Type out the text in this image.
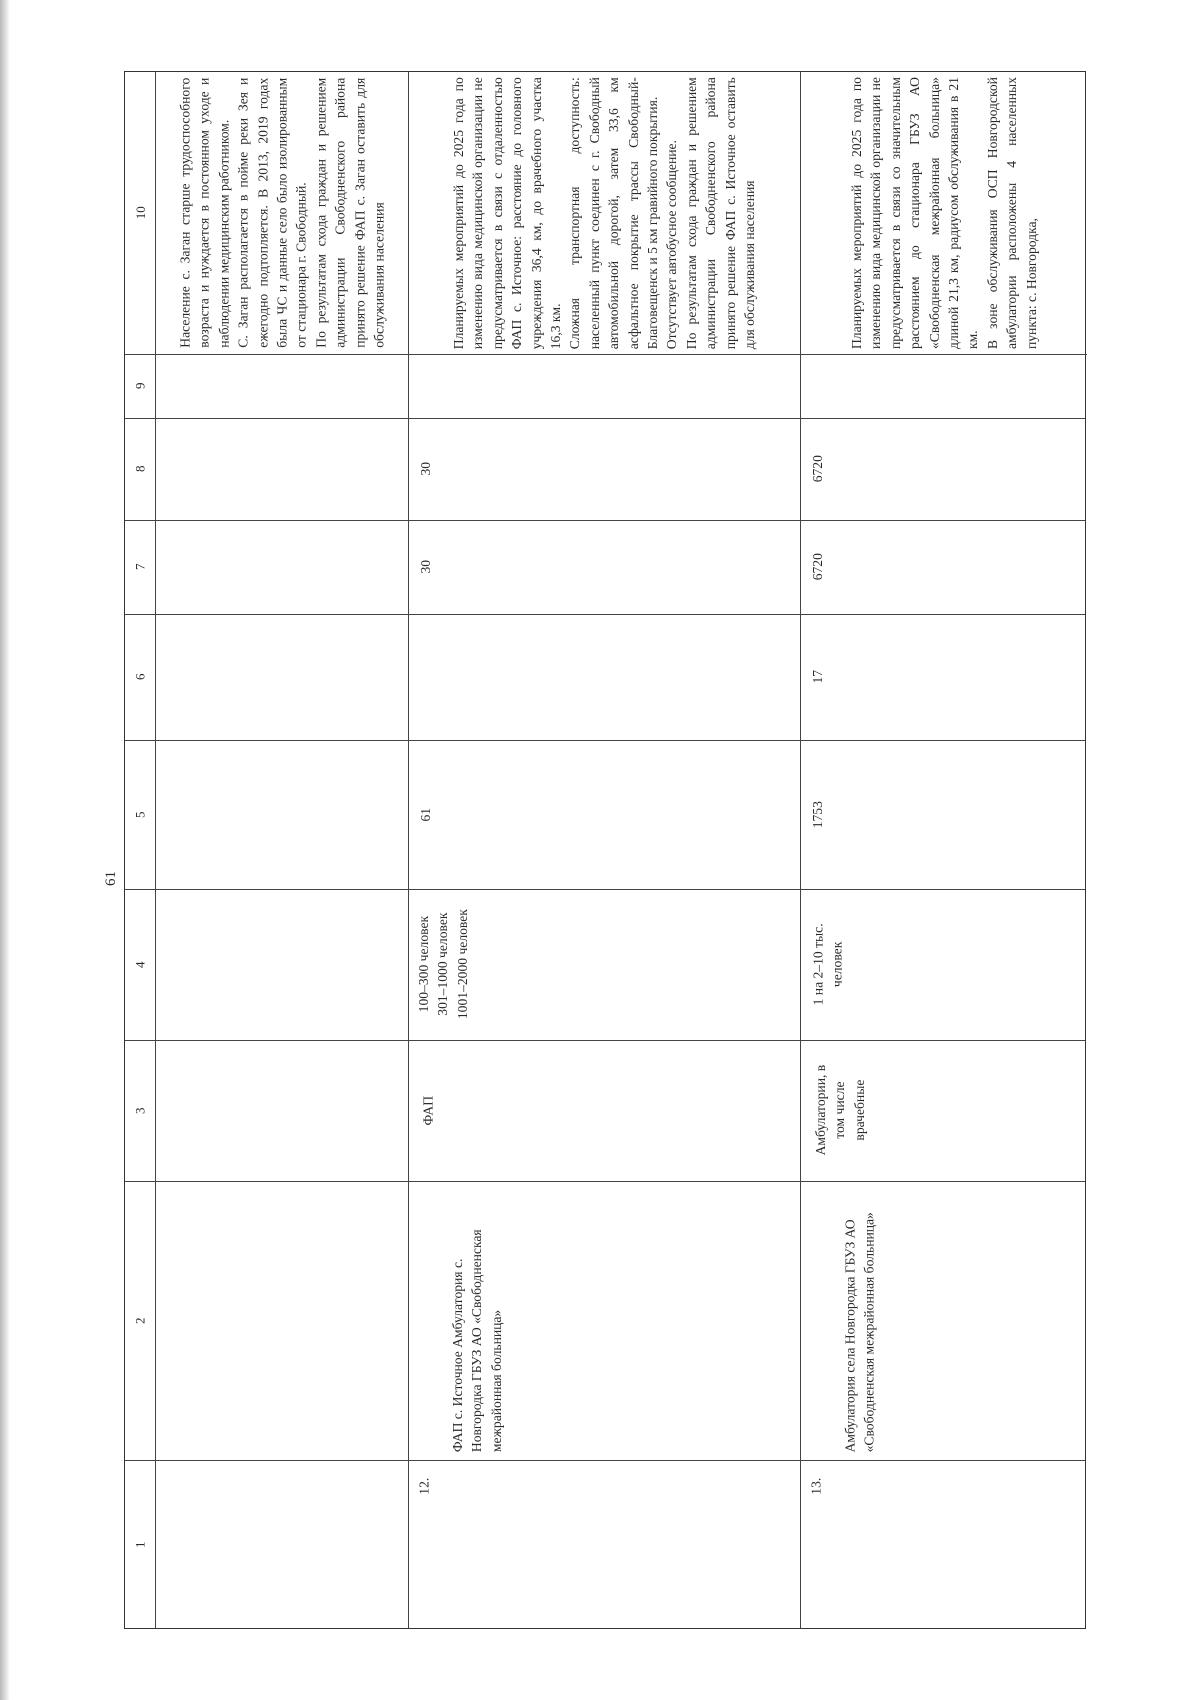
61
1
2
3
4
5
6
7
8
9
10 Население с. Заган старше трудоспособного возраста и нуждается в постоянном уходе и наблюдении медицинским работником. С. Заган располагается в пойме реки Зея и ежегодно подтопляется. В 2013, 2019 годах была ЧС и данные село было изолированным от стационара г. Свободный. По результатам схода граждан и решением администрации Свободненского района принято решение ФАП с. Заган оставить для обслуживания населения
12.
ФАП с. Источное Амбулатория с. Новгородка ГБУЗ АО «Свободненская межрайонная больница»
ФАП
100–300 человек 301–1000 человек 1001–2000 человек
61
30
30
Планируемых мероприятий до 2025 года по изменению вида медицинской организации не предусматривается в связи с отдаленностью ФАП с. Источное: расстояние до головного учреждения 36,4 км, до врачебного участка 16,3 км. Сложная транспортная доступность: населенный пункт соединен с г. Свободный автомобильной дорогой, затем 33,6 км асфальтное покрытие трассы Свободный-Благовещенск и 5 км гравийного покрытия. Отсутствует автобусное сообщение. По результатам схода граждан и решением администрации Свободненского района принято решение ФАП с. Источное оставить для обслуживания населения
13.
Амбулатория села Новгородка ГБУЗ АО «Свободненская межрайонная больница»
Амбулатории, в том числе врачебные
1 на 2–10 тыс. человек
1753
17
6720
6720
Планируемых мероприятий до 2025 года по изменению вида медицинской организации не предусматривается в связи со значительным расстоянием до стационара ГБУЗ АО «Свободненская межрайонная больница» длиной 21,3 км, радиусом обслуживания в 21 км. В зоне обслуживания ОСП Новгородской амбулатории расположены 4 населенных пункта: с. Новгородка,
